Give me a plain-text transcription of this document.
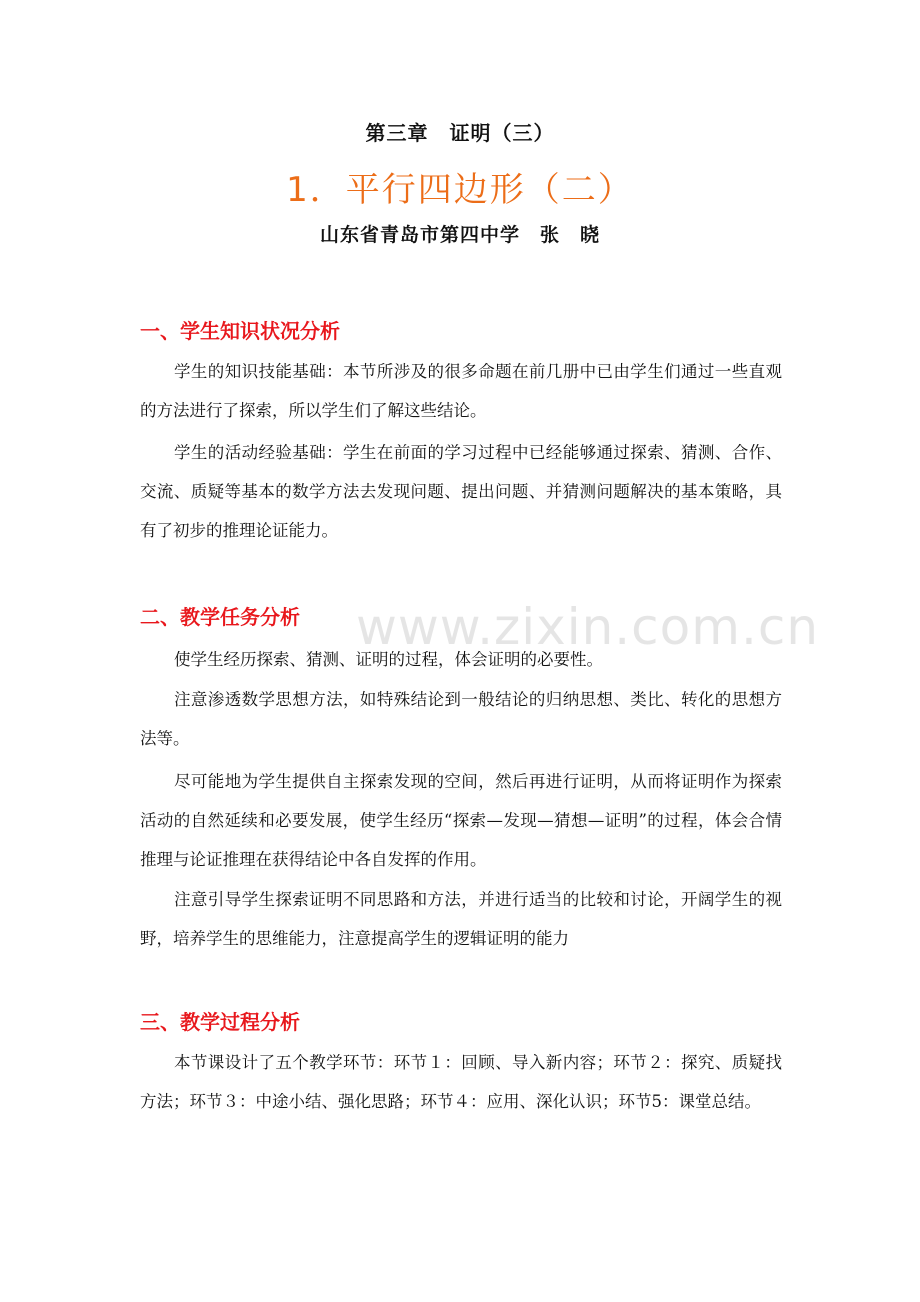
第三章　证明（三）
1．平行四边形（二）
山东省青岛市第四中学　张　晓
一、学生知识状况分析
学生的知识技能基础：本节所涉及的很多命题在前几册中已由学生们通过一些直观的方法进行了探索，所以学生们了解这些结论。
学生的活动经验基础：学生在前面的学习过程中已经能够通过探索、猜测、合作、交流、质疑等基本的数学方法去发现问题、提出问题、并猜测问题解决的基本策略，具有了初步的推理论证能力。
二、教学任务分析
使学生经历探索、猜测、证明的过程，体会证明的必要性。
注意渗透数学思想方法，如特殊结论到一般结论的归纳思想、类比、转化的思想方法等。
尽可能地为学生提供自主探索发现的空间，然后再进行证明，从而将证明作为探索活动的自然延续和必要发展，使学生经历“探索—发现—猜想—证明”的过程，体会合情推理与论证推理在获得结论中各自发挥的作用。
注意引导学生探索证明不同思路和方法，并进行适当的比较和讨论，开阔学生的视野，培养学生的思维能力，注意提高学生的逻辑证明的能力
三、教学过程分析
本节课设计了五个教学环节：环节１：回顾、导入新内容；环节２：探究、质疑找方法；环节３：中途小结、强化思路；环节４：应用、深化认识；环节5：课堂总结。
www.zixin.com.cn
